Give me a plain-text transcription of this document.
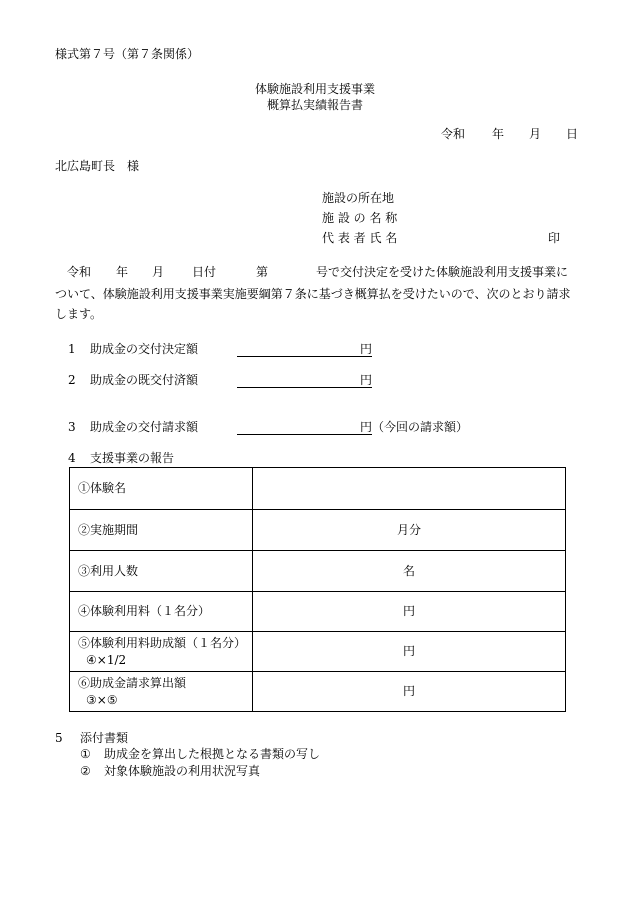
様式第７号（第７条関係）
体験施設利用支援事業
概算払実績報告書
令和 年 月 日
北広島町長　様
施設の所在地
施 設 の 名 称
代 表 者 氏 名	印
令和 年 月 日付	第	号で交付決定を受けた体験施設利用支援事業に
ついて、体験施設利用支援事業実施要綱第７条に基づき概算払を受けたいので、次のとおり請求
します。
1 助成金の交付決定額	円
2 助成金の既交付済額	円
3 助成金の交付請求額	円 （今回の請求額）
4 支援事業の報告
①体験名	
②実施期間	月分
③利用人数	名
④体験利用料（１名分）	円
⑤体験利用料助成額（１名分）
④×1/2	円
⑥助成金請求算出額
③×⑤	円
5 添付書類
① 助成金を算出した根拠となる書類の写し
② 対象体験施設の利用状況写真
